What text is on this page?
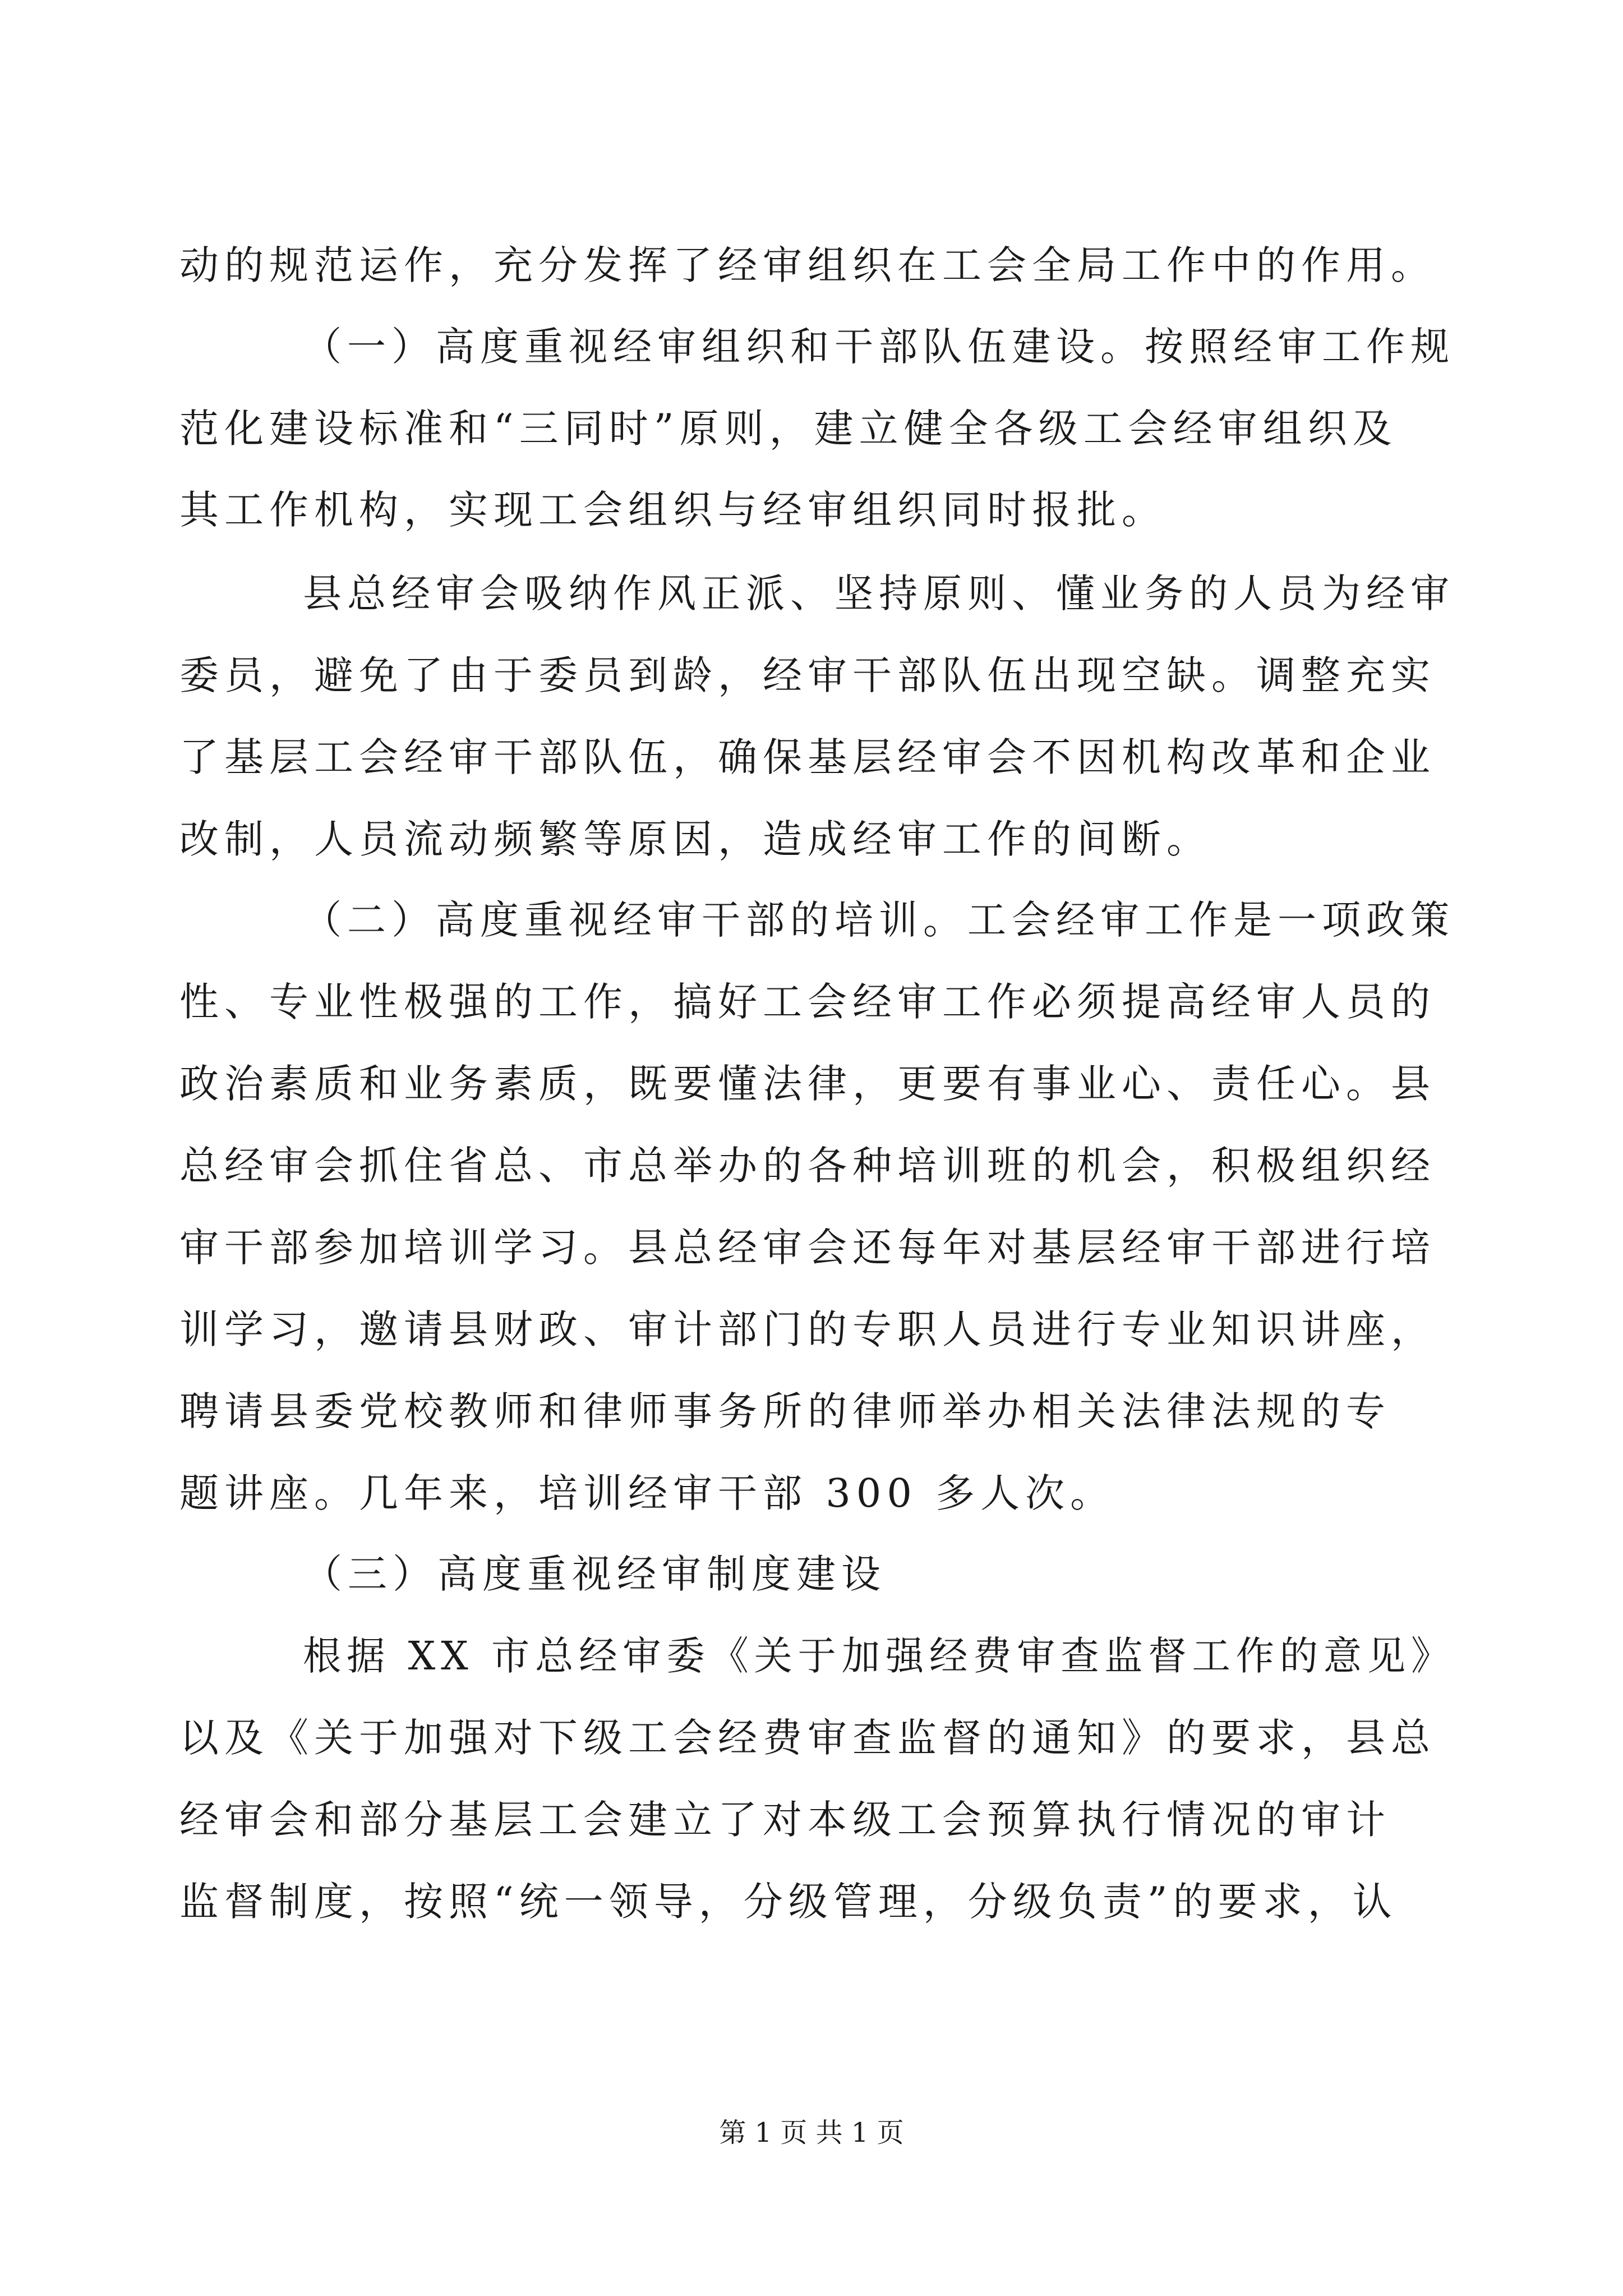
动的规范运作，充分发挥了经审组织在工会全局工作中的作用。
（一）高度重视经审组织和干部队伍建设。按照经审工作规
范化建设标准和“三同时”原则，建立健全各级工会经审组织及
其工作机构，实现工会组织与经审组织同时报批。
县总经审会吸纳作风正派、坚持原则、懂业务的人员为经审
委员，避免了由于委员到龄，经审干部队伍出现空缺。调整充实
了基层工会经审干部队伍，确保基层经审会不因机构改革和企业
改制，人员流动频繁等原因，造成经审工作的间断。
（二）高度重视经审干部的培训。工会经审工作是一项政策
性、专业性极强的工作，搞好工会经审工作必须提高经审人员的
政治素质和业务素质，既要懂法律，更要有事业心、责任心。县
总经审会抓住省总、市总举办的各种培训班的机会，积极组织经
审干部参加培训学习。县总经审会还每年对基层经审干部进行培
训学习，邀请县财政、审计部门的专职人员进行专业知识讲座，
聘请县委党校教师和律师事务所的律师举办相关法律法规的专
题讲座。几年来，培训经审干部 300 多人次。
（三）高度重视经审制度建设
根据 XX 市总经审委《关于加强经费审查监督工作的意见》
以及《关于加强对下级工会经费审查监督的通知》的要求，县总
经审会和部分基层工会建立了对本级工会预算执行情况的审计
监督制度，按照“统一领导，分级管理，分级负责”的要求，认
第 1 页 共 1 页
